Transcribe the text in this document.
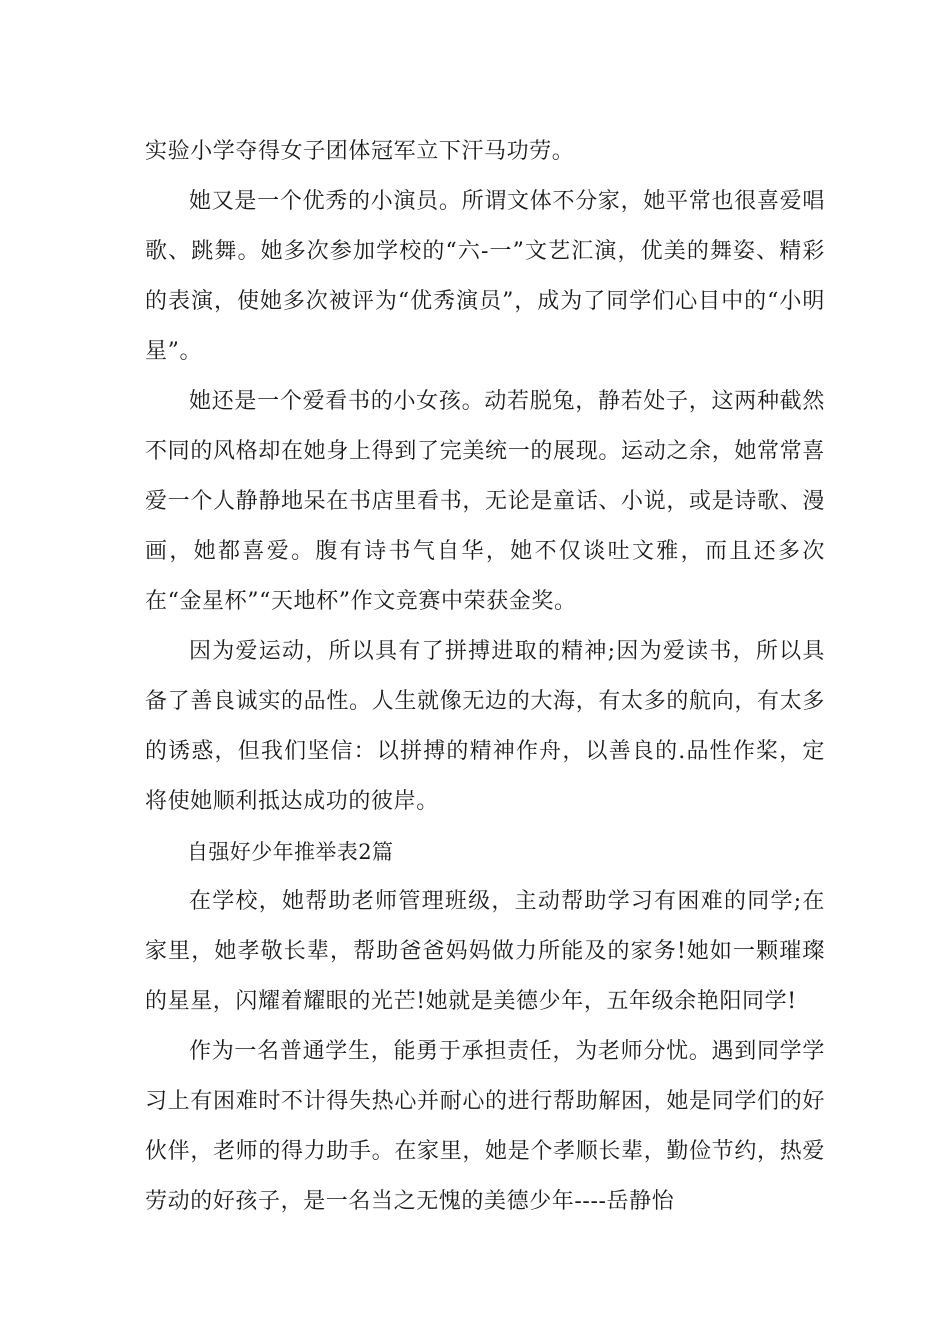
实验小学夺得女子团体冠军立下汗马功劳。

她又是一个优秀的小演员。所谓文体不分家，她平常也很喜爱唱歌、跳舞。她多次参加学校的“六-一”文艺汇演，优美的舞姿、精彩的表演，使她多次被评为“优秀演员”，成为了同学们心目中的“小明星”。

她还是一个爱看书的小女孩。动若脱兔，静若处子，这两种截然不同的风格却在她身上得到了完美统一的展现。运动之余，她常常喜爱一个人静静地呆在书店里看书，无论是童话、小说，或是诗歌、漫画，她都喜爱。腹有诗书气自华，她不仅谈吐文雅，而且还多次在“金星杯”“天地杯”作文竞赛中荣获金奖。

因为爱运动，所以具有了拼搏进取的精神;因为爱读书，所以具备了善良诚实的品性。人生就像无边的大海，有太多的航向，有太多的诱惑，但我们坚信：以拼搏的精神作舟，以善良的.品性作桨，定将使她顺利抵达成功的彼岸。

自强好少年推举表2篇

在学校，她帮助老师管理班级，主动帮助学习有困难的同学;在家里，她孝敬长辈，帮助爸爸妈妈做力所能及的家务!她如一颗璀璨的星星，闪耀着耀眼的光芒!她就是美德少年，五年级余艳阳同学!

作为一名普通学生，能勇于承担责任，为老师分忧。遇到同学学习上有困难时不计得失热心并耐心的进行帮助解困，她是同学们的好伙伴，老师的得力助手。在家里，她是个孝顺长辈，勤俭节约，热爱劳动的好孩子，是一名当之无愧的美德少年----岳静怡
